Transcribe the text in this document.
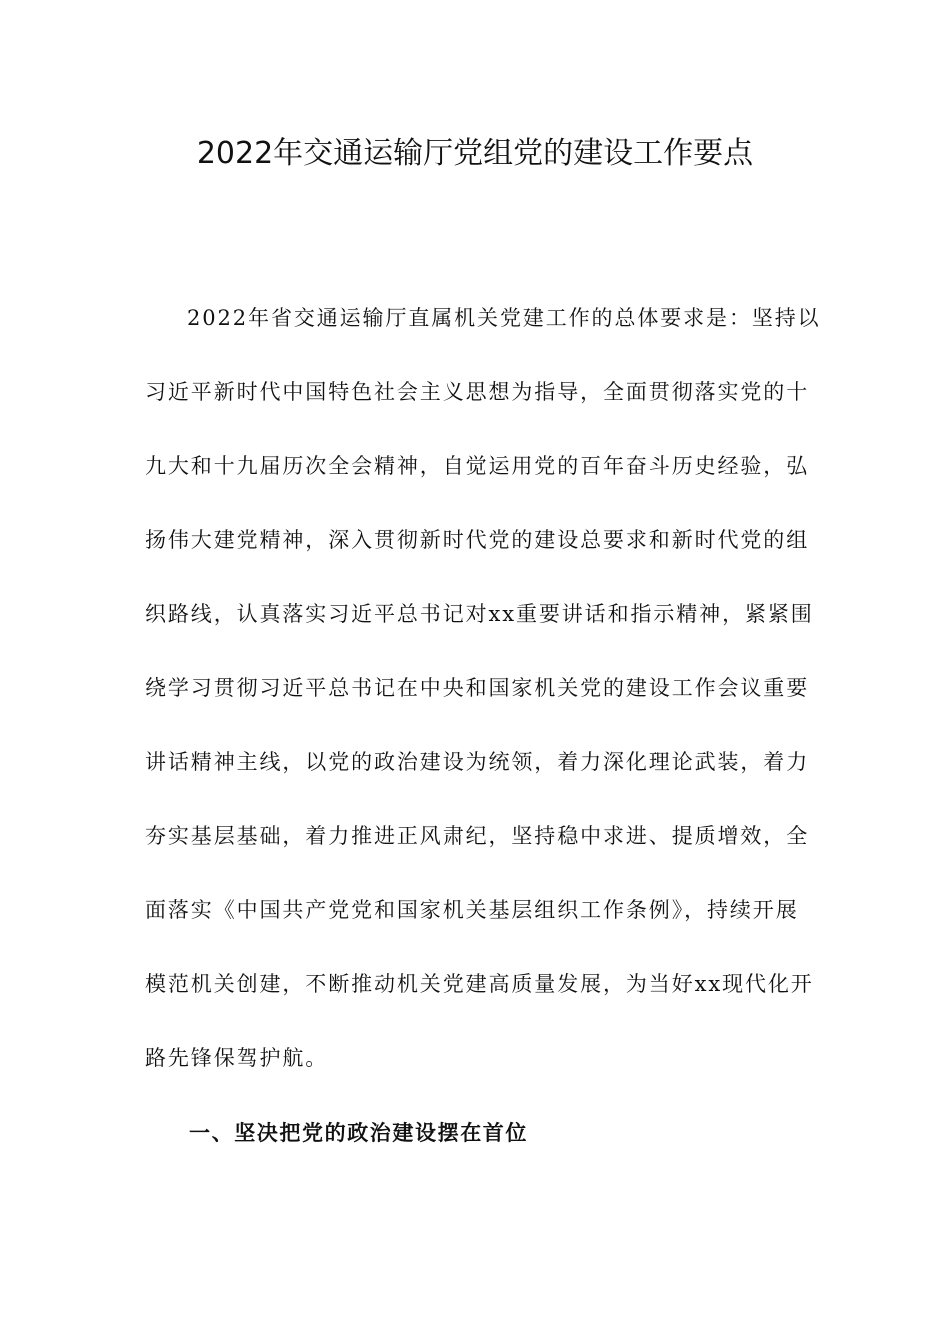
2022年交通运输厅党组党的建设工作要点

2022年省交通运输厅直属机关党建工作的总体要求是：坚持以
习近平新时代中国特色社会主义思想为指导，全面贯彻落实党的十
九大和十九届历次全会精神，自觉运用党的百年奋斗历史经验，弘
扬伟大建党精神，深入贯彻新时代党的建设总要求和新时代党的组
织路线，认真落实习近平总书记对xx重要讲话和指示精神，紧紧围
绕学习贯彻习近平总书记在中央和国家机关党的建设工作会议重要
讲话精神主线，以党的政治建设为统领，着力深化理论武装，着力
夯实基层基础，着力推进正风肃纪，坚持稳中求进、提质增效，全
面落实《中国共产党党和国家机关基层组织工作条例》，持续开展
模范机关创建，不断推动机关党建高质量发展，为当好xx现代化开
路先锋保驾护航。

一、坚决把党的政治建设摆在首位
